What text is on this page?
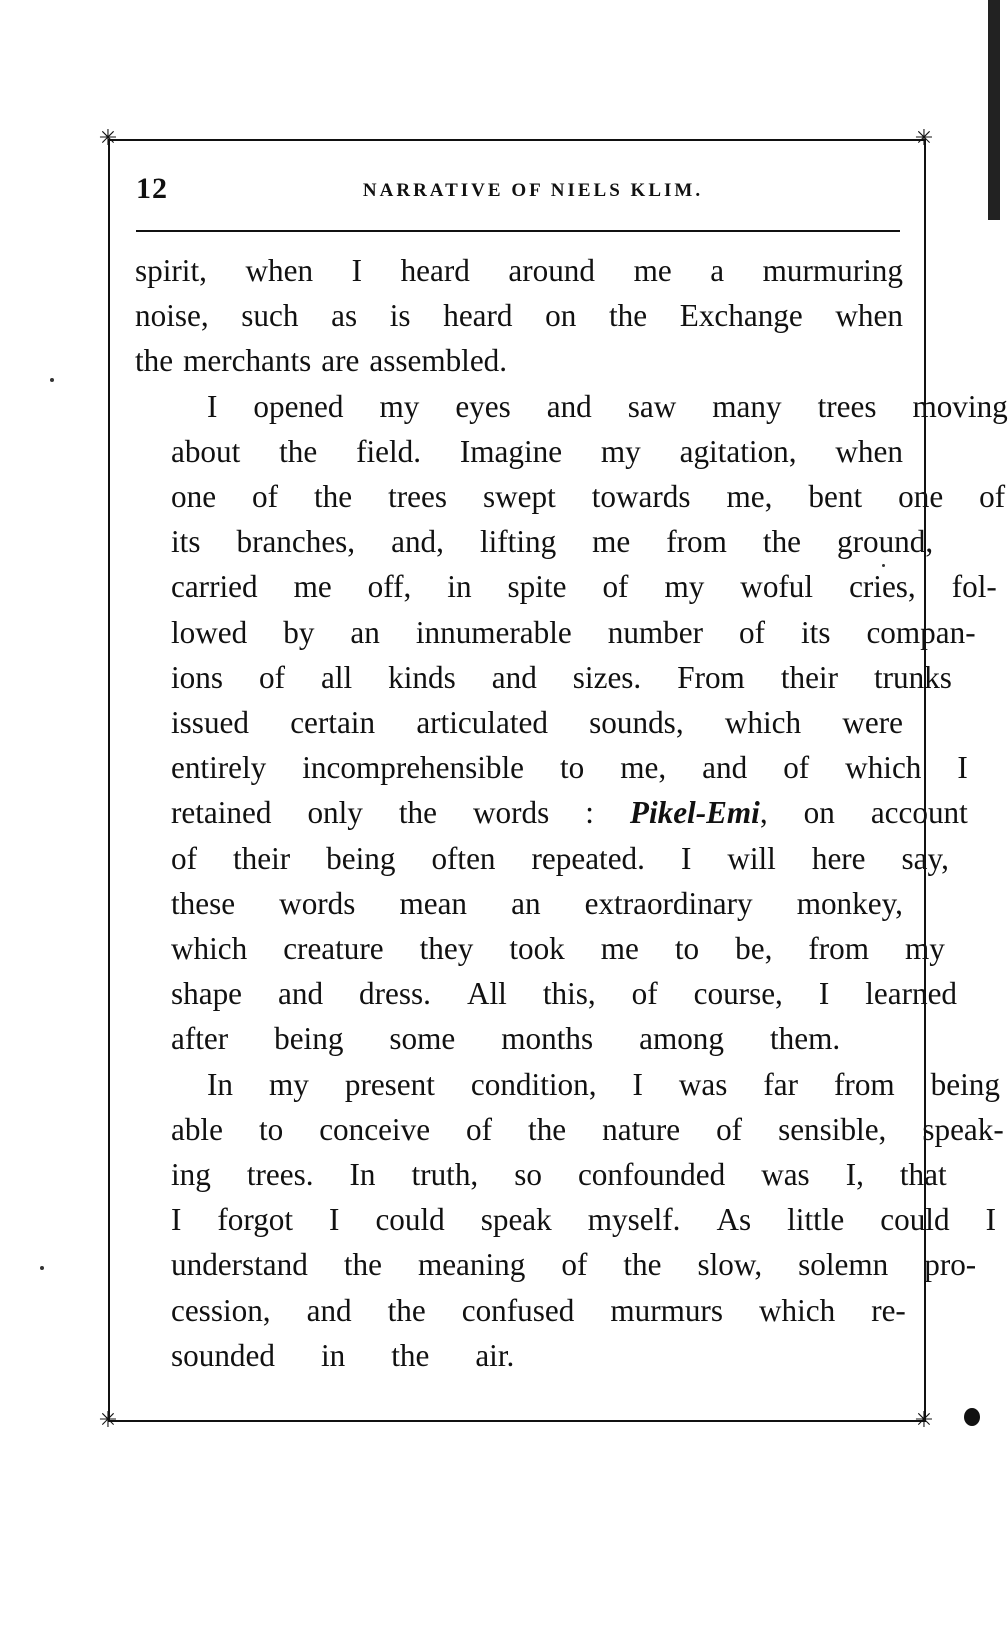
✳	✳
✳	✳
12	NARRATIVE OF NIELS KLIM.
spirit, when I heard around me a murmuring
noise, such as is heard on the Exchange when
the merchants are assembled.
I	opened	my	eyes	and	saw	many	trees	moving
about	the	field.	Imagine	my	agitation,	when
one	of	the	trees	swept	towards	me,	bent	one	of
its	branches,	and,	lifting	me	from	the	ground,
carried	me	off,	in	spite	of	my	woful	cries,	fol-
lowed	by	an	innumerable	number	of	its	compan-
ions	of	all	kinds	and	sizes.	From	their	trunks
issued	certain	articulated	sounds,	which	were
entirely	incomprehensible	to	me,	and	of	which	I
retained	only	the	words	:	Pikel-Emi,	on	account
of	their	being	often	repeated.	I	will	here	say,
these	words	mean	an	extraordinary	monkey,
which	creature	they	took	me	to	be,	from	my
shape	and	dress.	All	this,	of	course,	I	learned
after	being	some	months	among	them.
In	my	present	condition,	I	was	far	from	being
able	to	conceive	of	the	nature	of	sensible,	speak-
ing	trees.	In	truth,	so	confounded	was	I,	that
I	forgot	I	could	speak	myself.	As	little	could	I
understand	the	meaning	of	the	slow,	solemn	pro-
cession,	and	the	confused	murmurs	which	re-
sounded	in	the	air.
